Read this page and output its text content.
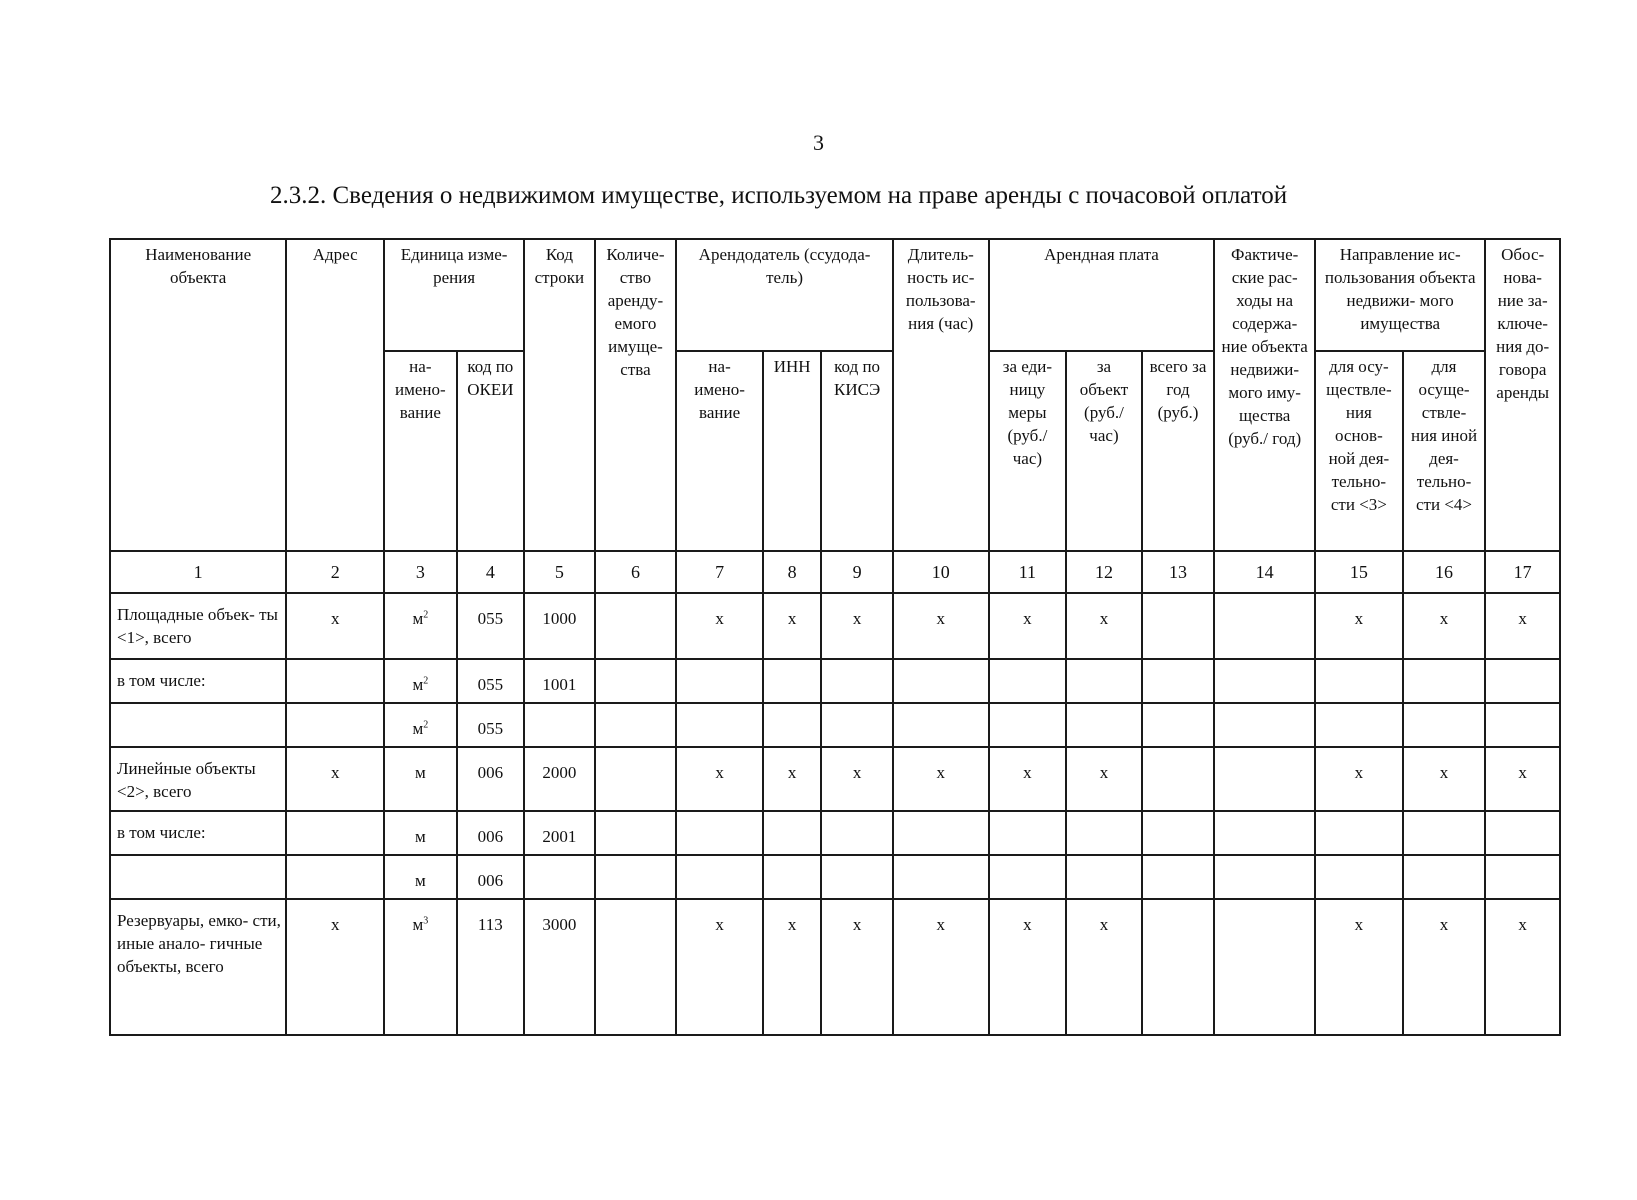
3
2.3.2. Сведения о недвижимом имуществе, используемом на праве аренды с почасовой оплатой
Наименование объекта	Адрес	Единица изме- рения		Код строки	Количе- ство аренду- емого имуще- ства	Арендодатель (ссудода- тель)			Длитель- ность ис- пользова- ния (час)	Арендная плата			Фактиче- ские рас- ходы на содержа- ние объекта недвижи- мого иму- щества (руб./ год)	Направление ис- пользования объекта недвижи- мого имущества		Обос- нова- ние за- ключе- ния до- говора аренды
		на- имено- вание	код по ОКЕИ			на- имено- вание	ИНН	код по КИСЭ		за еди- ницу меры (руб./ час)	за объект (руб./ час)	всего за год (руб.)		для осу- ществле- ния основ- ной дея- тельно- сти <3>	для осуще- ствле- ния иной дея- тельно- сти <4>	
1	2	3	4	5	6	7	8	9	10	11	12	13	14	15	16	17
Площадные объек- ты <1>, всего	x	$м^2$	055	1000		x	x	x	x	x	x			x	x	x
в том числе:		$м^2$	055	1001												
		$м^2$	055													
Линейные объекты <2>, всего	x	м	006	2000		x	x	x	x	x	x			x	x	x
в том числе:		м	006	2001												
		м	006													
Резервуары, емко- сти, иные анало- гичные объекты, всего	x	$м^3$	113	3000		x	x	x	x	x	x			x	x	x
